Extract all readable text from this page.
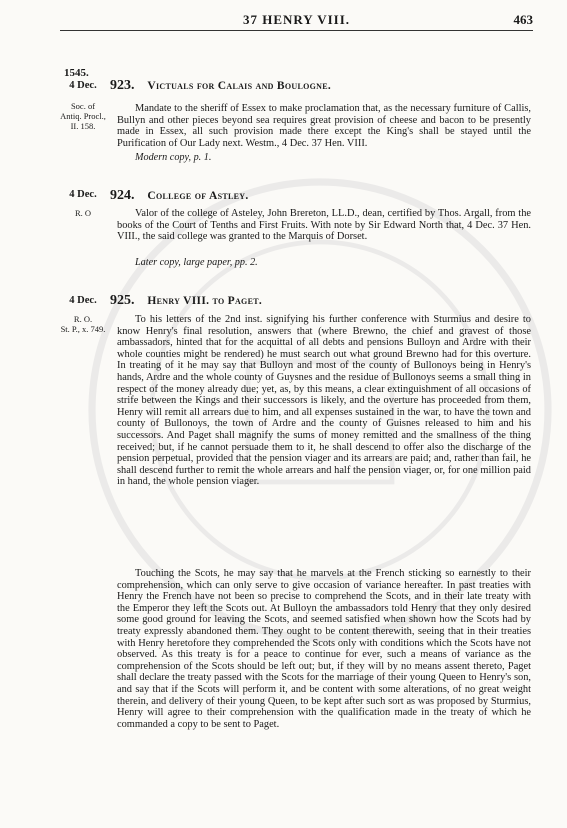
37 HENRY VIII.	463
1545.
4 Dec.
Soc. of
Antiq. Procl.,
II. 158.
923. Victuals for Calais and Boulogne.

Mandate to the sheriff of Essex to make proclamation that, as the necessary furniture of Callis, Bullyn and other pieces beyond sea requires great provision of cheese and bacon to be presently made in Essex, all such provision made there except the King's shall be stayed until the Purification of Our Lady next. Westm., 4 Dec. 37 Hen. VIII.

Modern copy, p. 1.
4 Dec.
R. O
924. College of Astley.

Valor of the college of Asteley, John Brereton, LL.D., dean, certified by Thos. Argall, from the books of the Court of Tenths and First Fruits. With note by Sir Edward North that, 4 Dec. 37 Hen. VIII., the said college was granted to the Marquis of Dorset.

Later copy, large paper, pp. 2.
4 Dec.
R. O.
St. P., x. 749.
925. Henry VIII. to Paget.

To his letters of the 2nd inst. signifying his further conference with Sturmius and desire to know Henry's final resolution, answers that (where Brewno, the chief and gravest of those ambassadors, hinted that for the acquittal of all debts and pensions Bulloyn and Ardre with their whole counties might be rendered) he must search out what ground Brewno had for this overture. In treating of it he may say that Bulloyn and most of the county of Bullonoys being in Henry's hands, Ardre and the whole county of Guysnes and the residue of Bullonoys seems a small thing in respect of the money already due; yet, as, by this means, a clear extinguishment of all occasions of strife between the Kings and their successors is likely, and the overture has proceeded from them, Henry will remit all arrears due to him, and all expenses sustained in the war, to have the town and county of Bullonoys, the town of Ardre and the county of Guisnes released to him and his successors. And Paget shall magnify the sums of money remitted and the smallness of the thing received; but, if he cannot persuade them to it, he shall descend to offer also the discharge of the pension perpetual, provided that the pension viager and its arrears are paid; and, rather than fail, he shall descend further to remit the whole arrears and half the pension viager, or, for one million paid in hand, the whole pension viager.

Touching the Scots, he may say that he marvels at the French sticking so earnestly to their comprehension, which can only serve to give occasion of variance hereafter. In past treaties with Henry the French have not been so precise to comprehend the Scots, and in their late treaty with the Emperor they left the Scots out. At Bulloyn the ambassadors told Henry that they only desired some good ground for leaving the Scots, and seemed satisfied when shown how the Scots had by treaty expressly abandoned them. They ought to be content therewith, seeing that in their treaties with Henry heretofore they comprehended the Scots only with conditions which the Scots have not observed. As this treaty is for a peace to continue for ever, such a means of variance as the comprehension of the Scots should be left out; but, if they will by no means assent thereto, Paget shall declare the treaty passed with the Scots for the marriage of their young Queen to Henry's son, and say that if the Scots will perform it, and be content with some alterations, of no great weight therein, and delivery of their young Queen, to be kept after such sort as was proposed by Sturmius, Henry will agree to their comprehension with the qualification made in the treaty of which he commanded a copy to be sent to Paget.
